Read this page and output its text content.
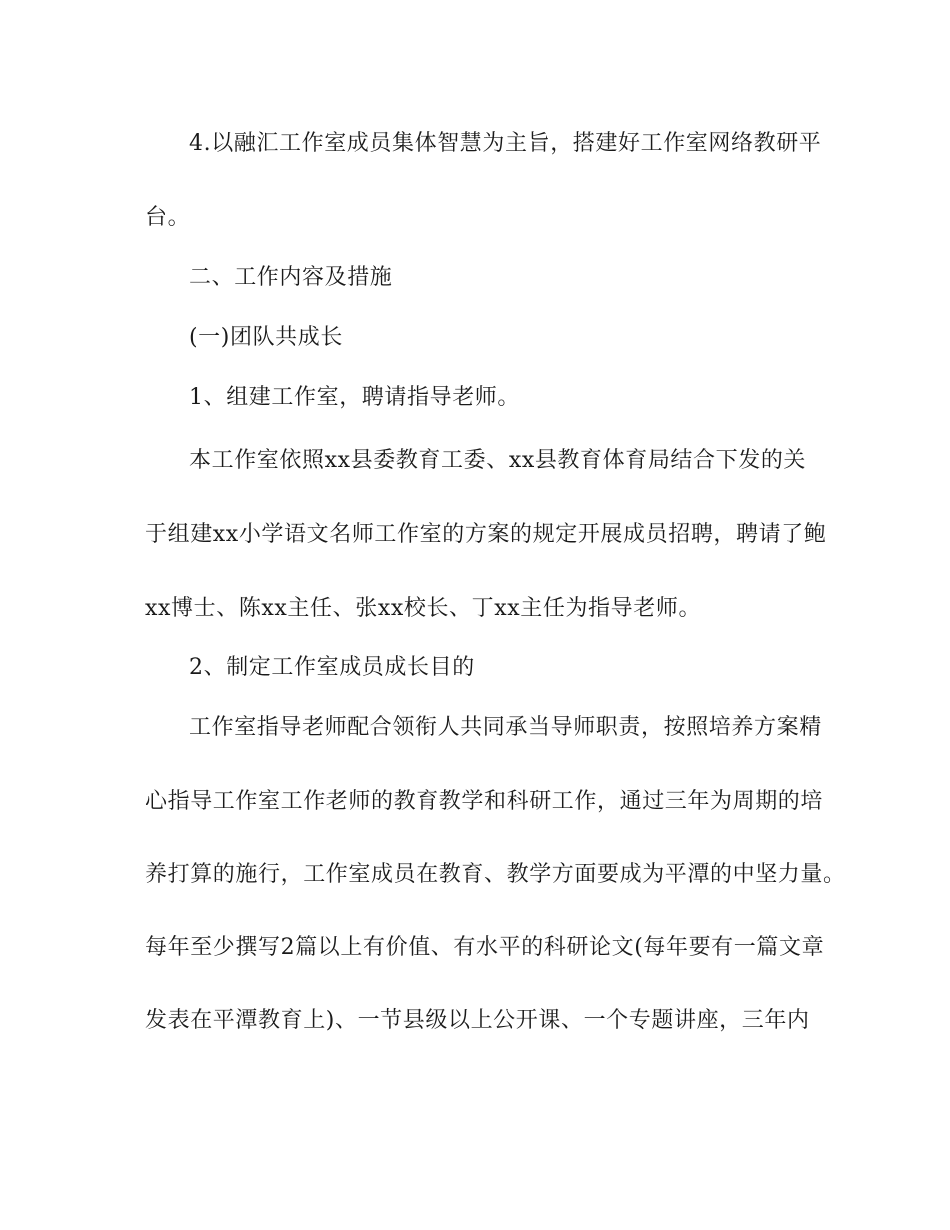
4.以融汇工作室成员集体智慧为主旨，搭建好工作室网络教研平
台。
二、工作内容及措施
(一)团队共成长
1、组建工作室，聘请指导老师。
本工作室依照xx县委教育工委、xx县教育体育局结合下发的关
于组建xx小学语文名师工作室的方案的规定开展成员招聘，聘请了鲍
xx博士、陈xx主任、张xx校长、丁xx主任为指导老师。
2、制定工作室成员成长目的
工作室指导老师配合领衔人共同承当导师职责，按照培养方案精
心指导工作室工作老师的教育教学和科研工作，通过三年为周期的培
养打算的施行，工作室成员在教育、教学方面要成为平潭的中坚力量。
每年至少撰写2篇以上有价值、有水平的科研论文(每年要有一篇文章
发表在平潭教育上)、一节县级以上公开课、一个专题讲座，三年内
